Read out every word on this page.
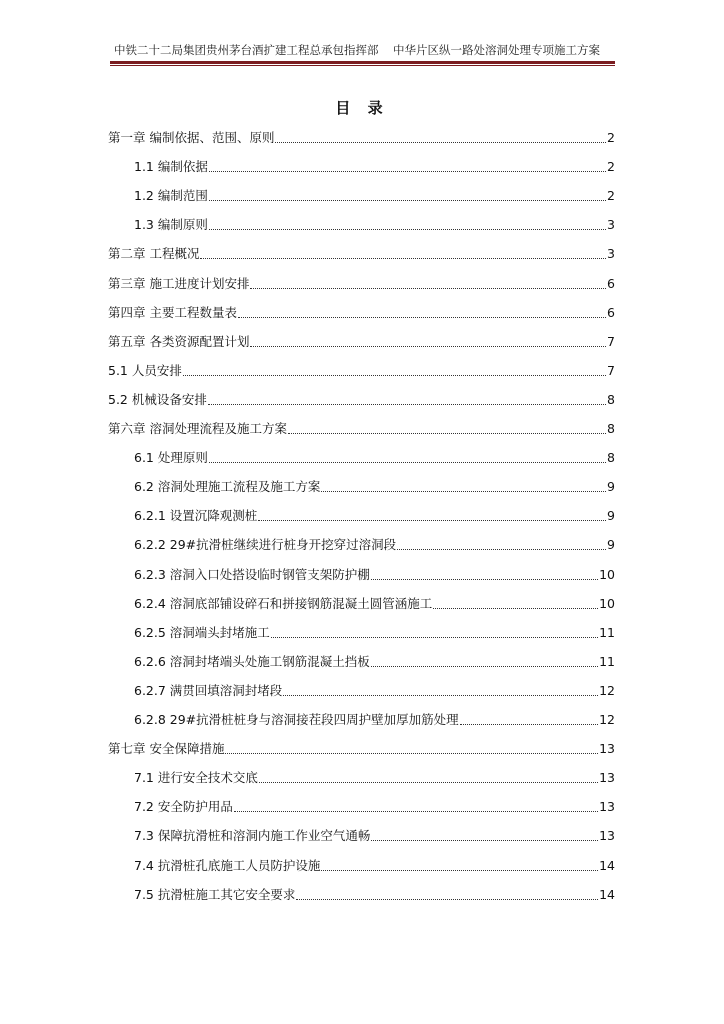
中铁二十二局集团贵州茅台酒扩建工程总承包指挥部 中华片区纵一路处溶洞处理专项施工方案
目 录
第一章 编制依据、范围、原则	2
1.1 编制依据	2
1.2 编制范围	2
1.3 编制原则	3
第二章 工程概况	3
第三章 施工进度计划安排	6
第四章 主要工程数量表	6
第五章 各类资源配置计划	7
5.1 人员安排	7
5.2 机械设备安排	8
第六章 溶洞处理流程及施工方案	8
6.1 处理原则	8
6.2 溶洞处理施工流程及施工方案	9
6.2.1 设置沉降观测桩	9
6.2.2 29#抗滑桩继续进行桩身开挖穿过溶洞段	9
6.2.3 溶洞入口处搭设临时钢管支架防护棚	10
6.2.4 溶洞底部铺设碎石和拼接钢筋混凝土圆管涵施工	10
6.2.5 溶洞端头封堵施工	11
6.2.6 溶洞封堵端头处施工钢筋混凝土挡板	11
6.2.7 满贯回填溶洞封堵段	12
6.2.8 29#抗滑桩桩身与溶洞接茬段四周护壁加厚加筋处理	12
第七章 安全保障措施	13
7.1 进行安全技术交底	13
7.2 安全防护用品	13
7.3 保障抗滑桩和溶洞内施工作业空气通畅	13
7.4 抗滑桩孔底施工人员防护设施	14
7.5 抗滑桩施工其它安全要求	14
